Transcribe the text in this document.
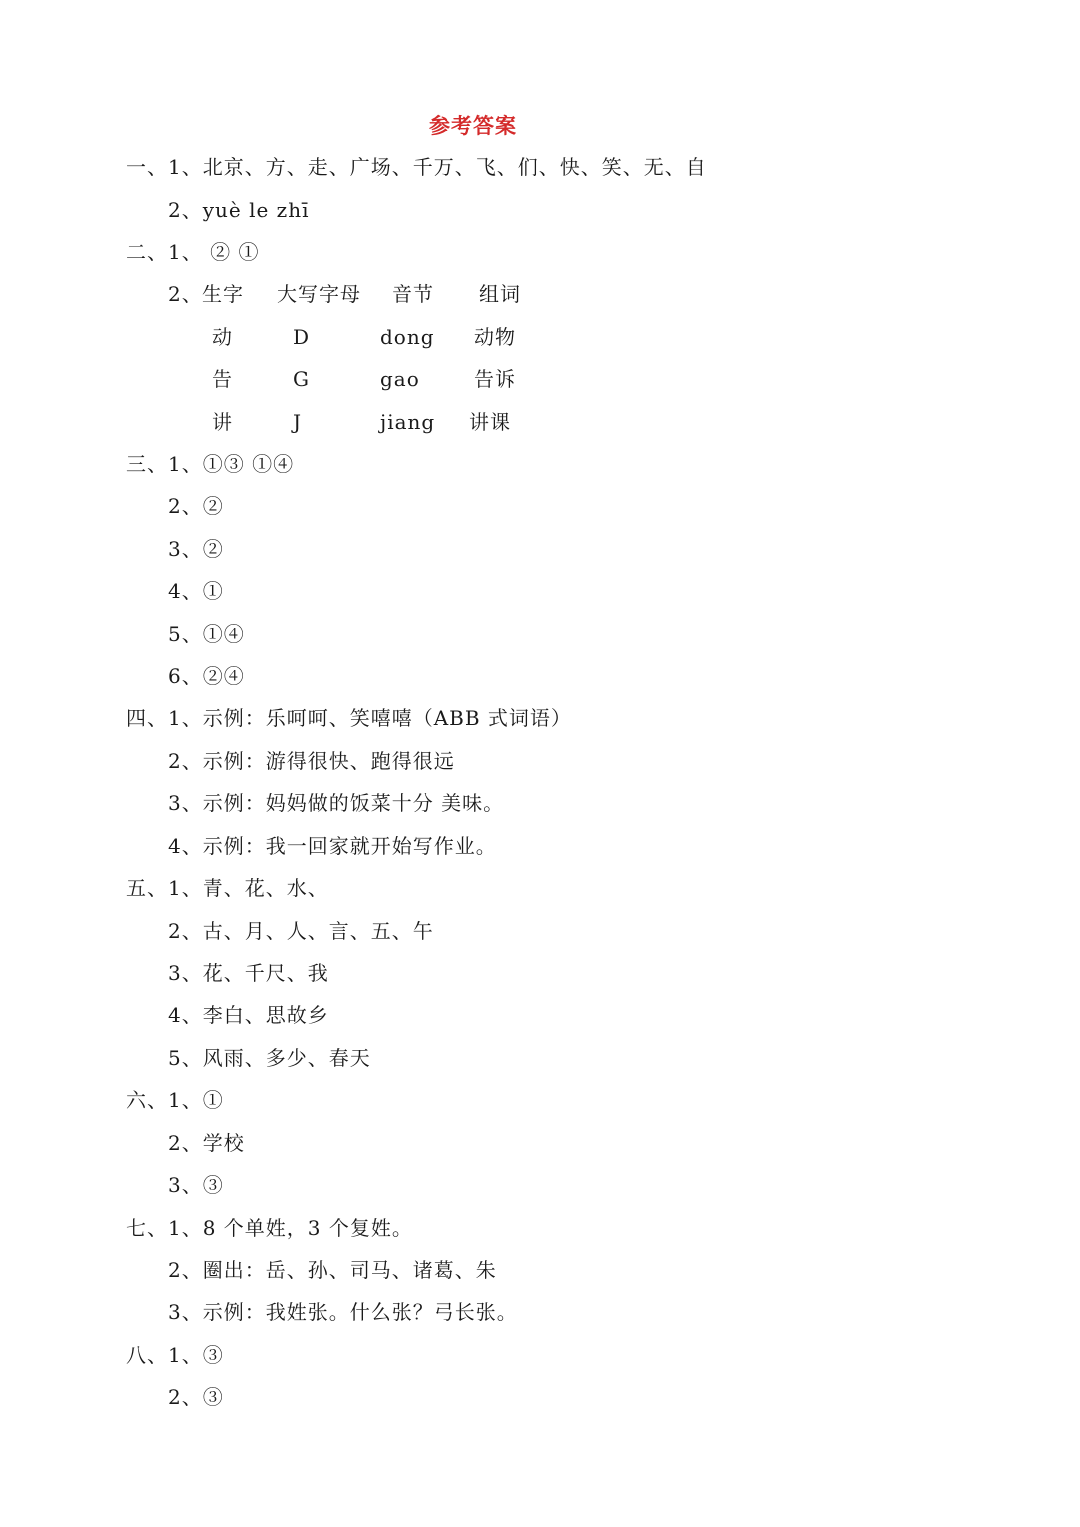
参考答案
一、1、北京、方、走、广场、千万、飞、们、快、笑、无、自
2、yuè le zhī
二、1、 ② ①
2、 生字 大写字母 音节 组词
动	D	dong 动物
告	G	gao	告诉
讲	J	jiang 讲课
三、1、①③ ①④
2、②
3、②
4、①
5、①④
6、②④
四、1、示例：乐呵呵、笑嘻嘻（ABB 式词语）
2、示例：游得很快、跑得很远
3、示例：妈妈做的饭菜十分 美味。
4、示例：我一回家就开始写作业。
五、1、青、花、水、
2、古、月、人、言、五、午
3、花、千尺、我
4、李白、思故乡
5、风雨、多少、春天
六、1、①
2、学校
3、③
七、1、8 个单姓，3 个复姓。
2、圈出：岳、孙、司马、诸葛、朱
3、示例：我姓张。什么张？弓长张。
八、1、③
2、③
